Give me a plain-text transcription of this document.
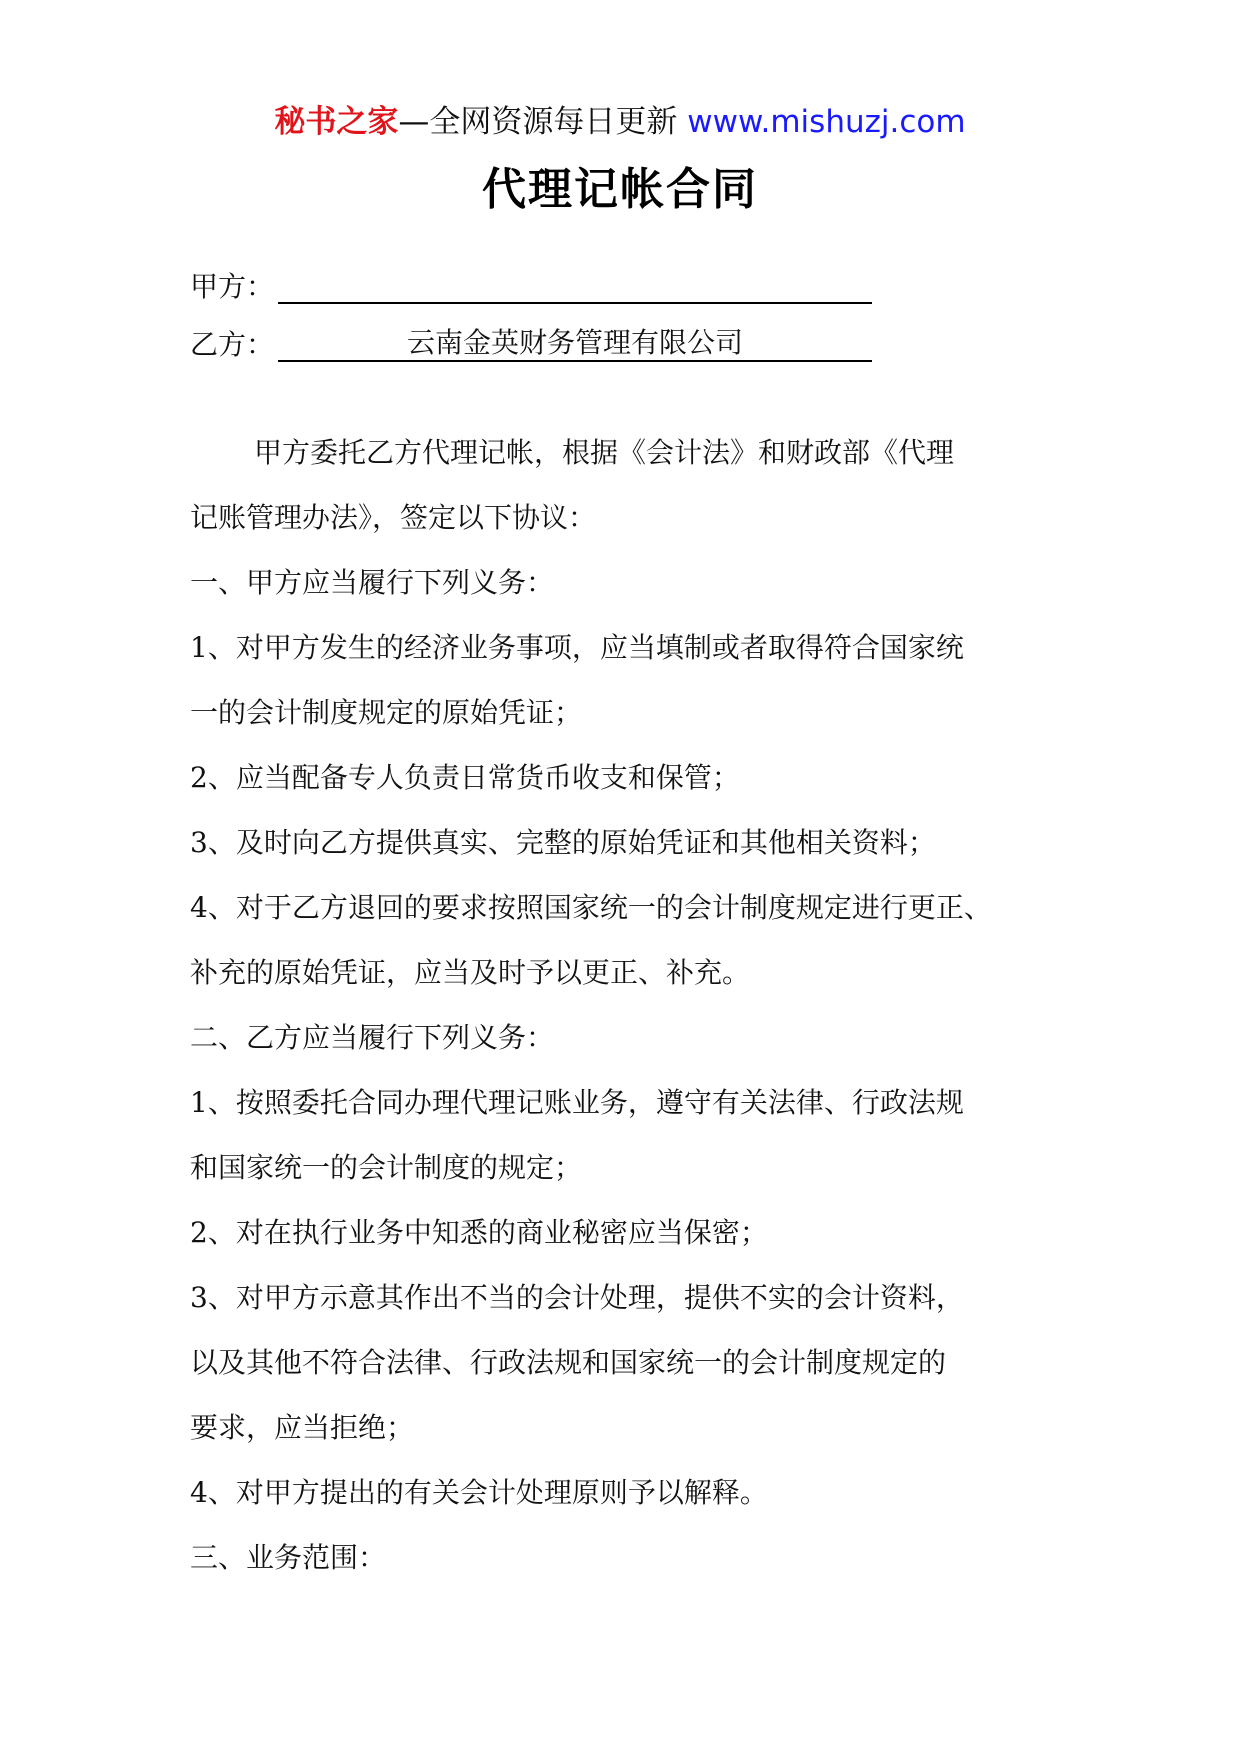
秘书之家—全网资源每日更新 www.mishuzj.com
代理记帐合同
甲方：
乙方：	云南金英财务管理有限公司

甲方委托乙方代理记帐，根据《会计法》和财政部《代理

记账管理办法》，签定以下协议：

一、甲方应当履行下列义务：

1、对甲方发生的经济业务事项，应当填制或者取得符合国家统

一的会计制度规定的原始凭证；

2、应当配备专人负责日常货币收支和保管；

3、及时向乙方提供真实、完整的原始凭证和其他相关资料；

4、对于乙方退回的要求按照国家统一的会计制度规定进行更正、

补充的原始凭证，应当及时予以更正、补充。

二、乙方应当履行下列义务：

1、按照委托合同办理代理记账业务，遵守有关法律、行政法规

和国家统一的会计制度的规定；

2、对在执行业务中知悉的商业秘密应当保密；

3、对甲方示意其作出不当的会计处理，提供不实的会计资料，

以及其他不符合法律、行政法规和国家统一的会计制度规定的

要求，应当拒绝；

4、对甲方提出的有关会计处理原则予以解释。

三、业务范围：
